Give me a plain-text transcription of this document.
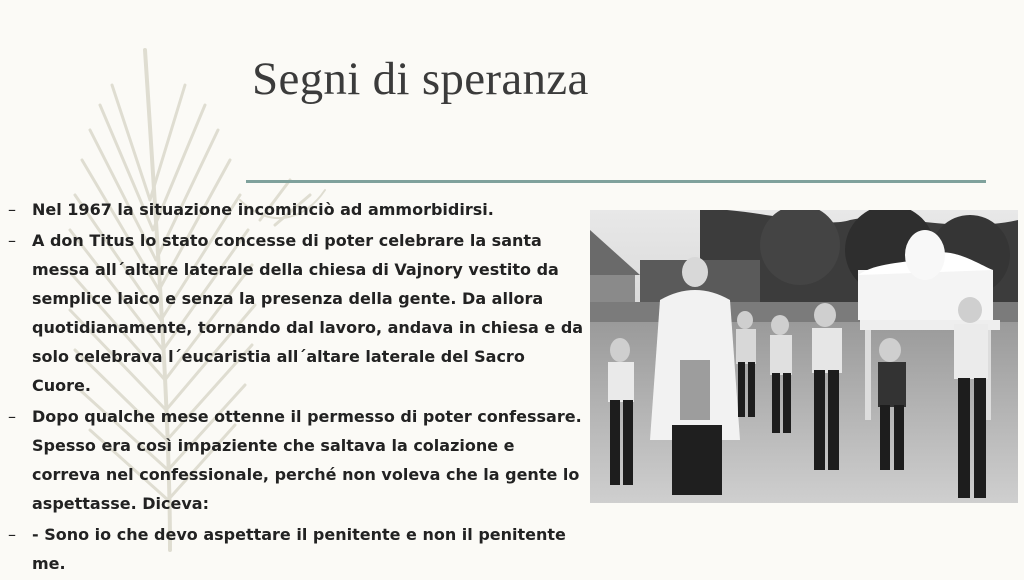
Segni di speranza
– Nel 1967 la situazione incominciò ad ammorbidirsi.
– A don Titus lo stato concesse di poter celebrare la santa messa all´altare laterale della chiesa di Vajnory vestito da semplice laico e senza la presenza della gente. Da allora quotidianamente, tornando dal lavoro, andava in chiesa e da solo celebrava l´eucaristia all´altare laterale del Sacro Cuore.
– Dopo qualche mese ottenne il permesso di poter confessare. Spesso era così impaziente che saltava la colazione e correva nel confessionale, perché non voleva che la gente lo aspettasse. Diceva:
– - Sono io che devo aspettare il penitente e non il penitente me.
